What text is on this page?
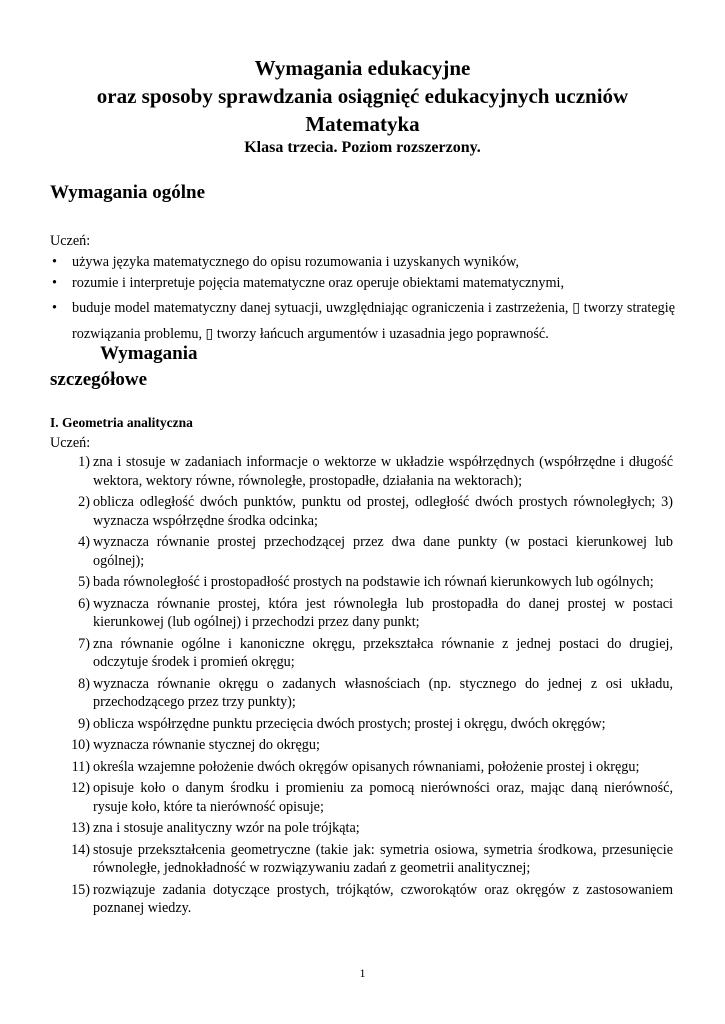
Wymagania edukacyjne

oraz sposoby sprawdzania osiągnięć edukacyjnych uczniów

Matematyka

Klasa trzecia. Poziom rozszerzony.

Wymagania ogólne
Uczeń:
• używa języka matematycznego do opisu rozumowania i uzyskanych wyników,
• rozumie i interpretuje pojęcia matematyczne oraz operuje obiektami matematycznymi,
• buduje model matematyczny danej sytuacji, uwzględniając ograniczenia i zastrzeżenia, ▯ tworzy strategię rozwiązania problemu, ▯ tworzy łańcuch argumentów i uzasadnia jego poprawność.
Wymagania
szczegółowe

I. Geometria analityczna

Uczeń:
1) zna i stosuje w zadaniach informacje o wektorze w układzie współrzędnych (współrzędne i długość wektora, wektory równe, równoległe, prostopadłe, działania na wektorach);
2) oblicza odległość dwóch punktów, punktu od prostej, odległość dwóch prostych równoległych; 3) wyznacza współrzędne środka odcinka;
4) wyznacza równanie prostej przechodzącej przez dwa dane punkty (w postaci kierunkowej lub ogólnej);
5) bada równoległość i prostopadłość prostych na podstawie ich równań kierunkowych lub ogólnych;
6) wyznacza równanie prostej, która jest równoległa lub prostopadła do danej prostej w postaci kierunkowej (lub ogólnej) i przechodzi przez dany punkt;
7) zna równanie ogólne i kanoniczne okręgu, przekształca równanie z jednej postaci do drugiej, odczytuje środek i promień okręgu;
8) wyznacza równanie okręgu o zadanych własnościach (np. stycznego do jednej z osi układu, przechodzącego przez trzy punkty);
9) oblicza współrzędne punktu przecięcia dwóch prostych; prostej i okręgu, dwóch okręgów;
10) wyznacza równanie stycznej do okręgu;
11) określa wzajemne położenie dwóch okręgów opisanych równaniami, położenie prostej i okręgu;
12) opisuje koło o danym środku i promieniu za pomocą nierówności oraz, mając daną nierówność, rysuje koło, które ta nierówność opisuje;
13) zna i stosuje analityczny wzór na pole trójkąta;
14) stosuje przekształcenia geometryczne (takie jak: symetria osiowa, symetria środkowa, przesunięcie równoległe, jednokładność w rozwiązywaniu zadań z geometrii analitycznej;
15) rozwiązuje zadania dotyczące prostych, trójkątów, czworokątów oraz okręgów z zastosowaniem poznanej wiedzy.
1
